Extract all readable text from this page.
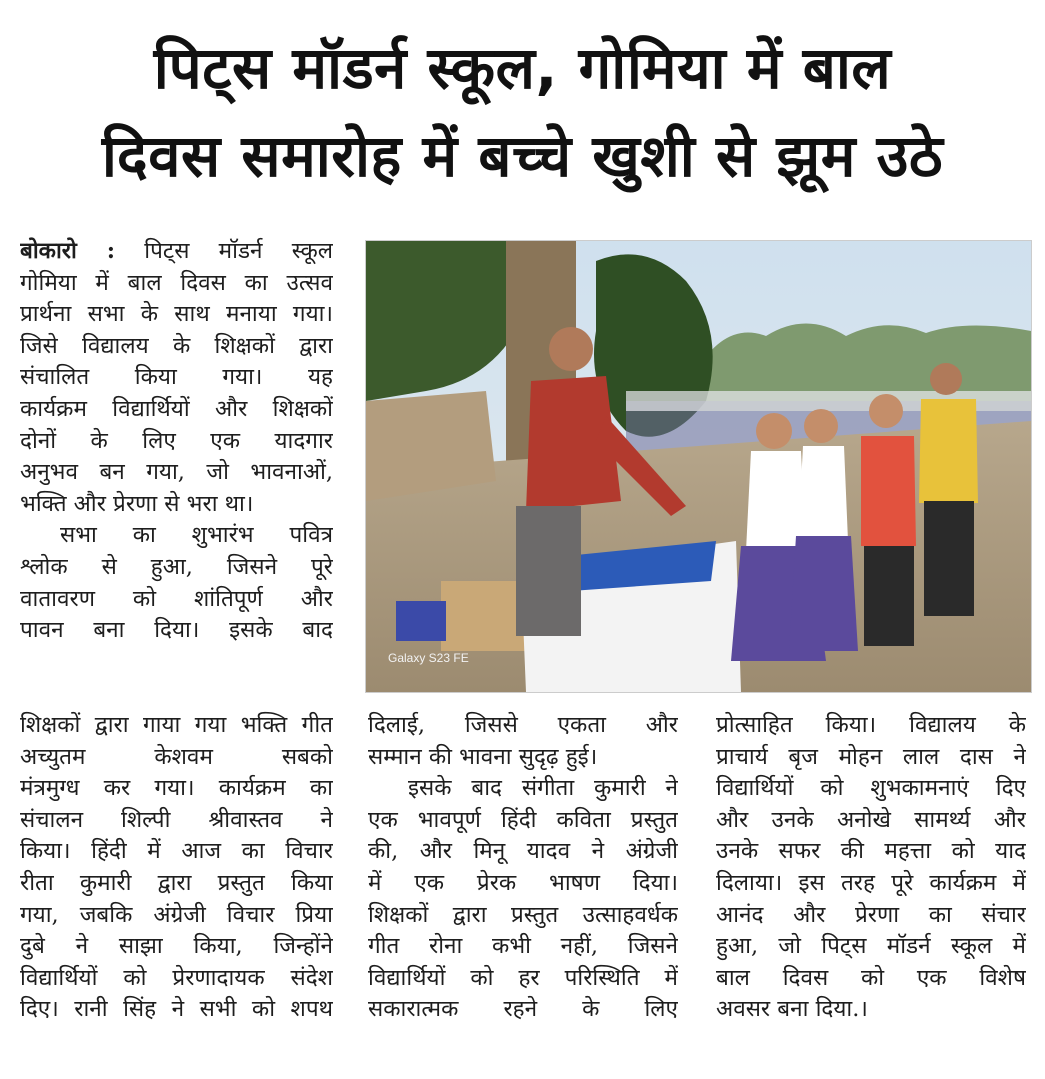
पिट्स मॉडर्न स्कूल, गोमिया में बाल
दिवस समारोह में बच्चे खुशी से झूम उठे
बोकारो : पिट्स मॉडर्न स्कूल
गोमिया में बाल दिवस का उत्सव
प्रार्थना सभा के साथ मनाया गया।
जिसे विद्यालय के शिक्षकों द्वारा
संचालित किया गया। यह
कार्यक्रम विद्यार्थियों और शिक्षकों
दोनों के लिए एक यादगार
अनुभव बन गया, जो भावनाओं,
भक्ति और प्रेरणा से भरा था।
सभा का शुभारंभ पवित्र
श्लोक से हुआ, जिसने पूरे
वातावरण को शांतिपूर्ण और
पावन बना दिया। इसके बाद
Galaxy S23 FE
शिक्षकों द्वारा गाया गया भक्ति गीत
अच्युतम केशवम सबको
मंत्रमुग्ध कर गया। कार्यक्रम का
संचालन शिल्पी श्रीवास्तव ने
किया। हिंदी में आज का विचार
रीता कुमारी द्वारा प्रस्तुत किया
गया, जबकि अंग्रेजी विचार प्रिया
दुबे ने साझा किया, जिन्होंने
विद्यार्थियों को प्रेरणादायक संदेश
दिए। रानी सिंह ने सभी को शपथ
दिलाई, जिससे एकता और
सम्मान की भावना सुदृढ़ हुई।
इसके बाद संगीता कुमारी ने
एक भावपूर्ण हिंदी कविता प्रस्तुत
की, और मिनू यादव ने अंग्रेजी
में एक प्रेरक भाषण दिया।
शिक्षकों द्वारा प्रस्तुत उत्साहवर्धक
गीत रोना कभी नहीं, जिसने
विद्यार्थियों को हर परिस्थिति में
सकारात्मक रहने के लिए
प्रोत्साहित किया। विद्यालय के
प्राचार्य बृज मोहन लाल दास ने
विद्यार्थियों को शुभकामनाएं दिए
और उनके अनोखे सामर्थ्य और
उनके सफर की महत्ता को याद
दिलाया। इस तरह पूरे कार्यक्रम में
आनंद और प्रेरणा का संचार
हुआ, जो पिट्स मॉडर्न स्कूल में
बाल दिवस को एक विशेष
अवसर बना दिया.।
